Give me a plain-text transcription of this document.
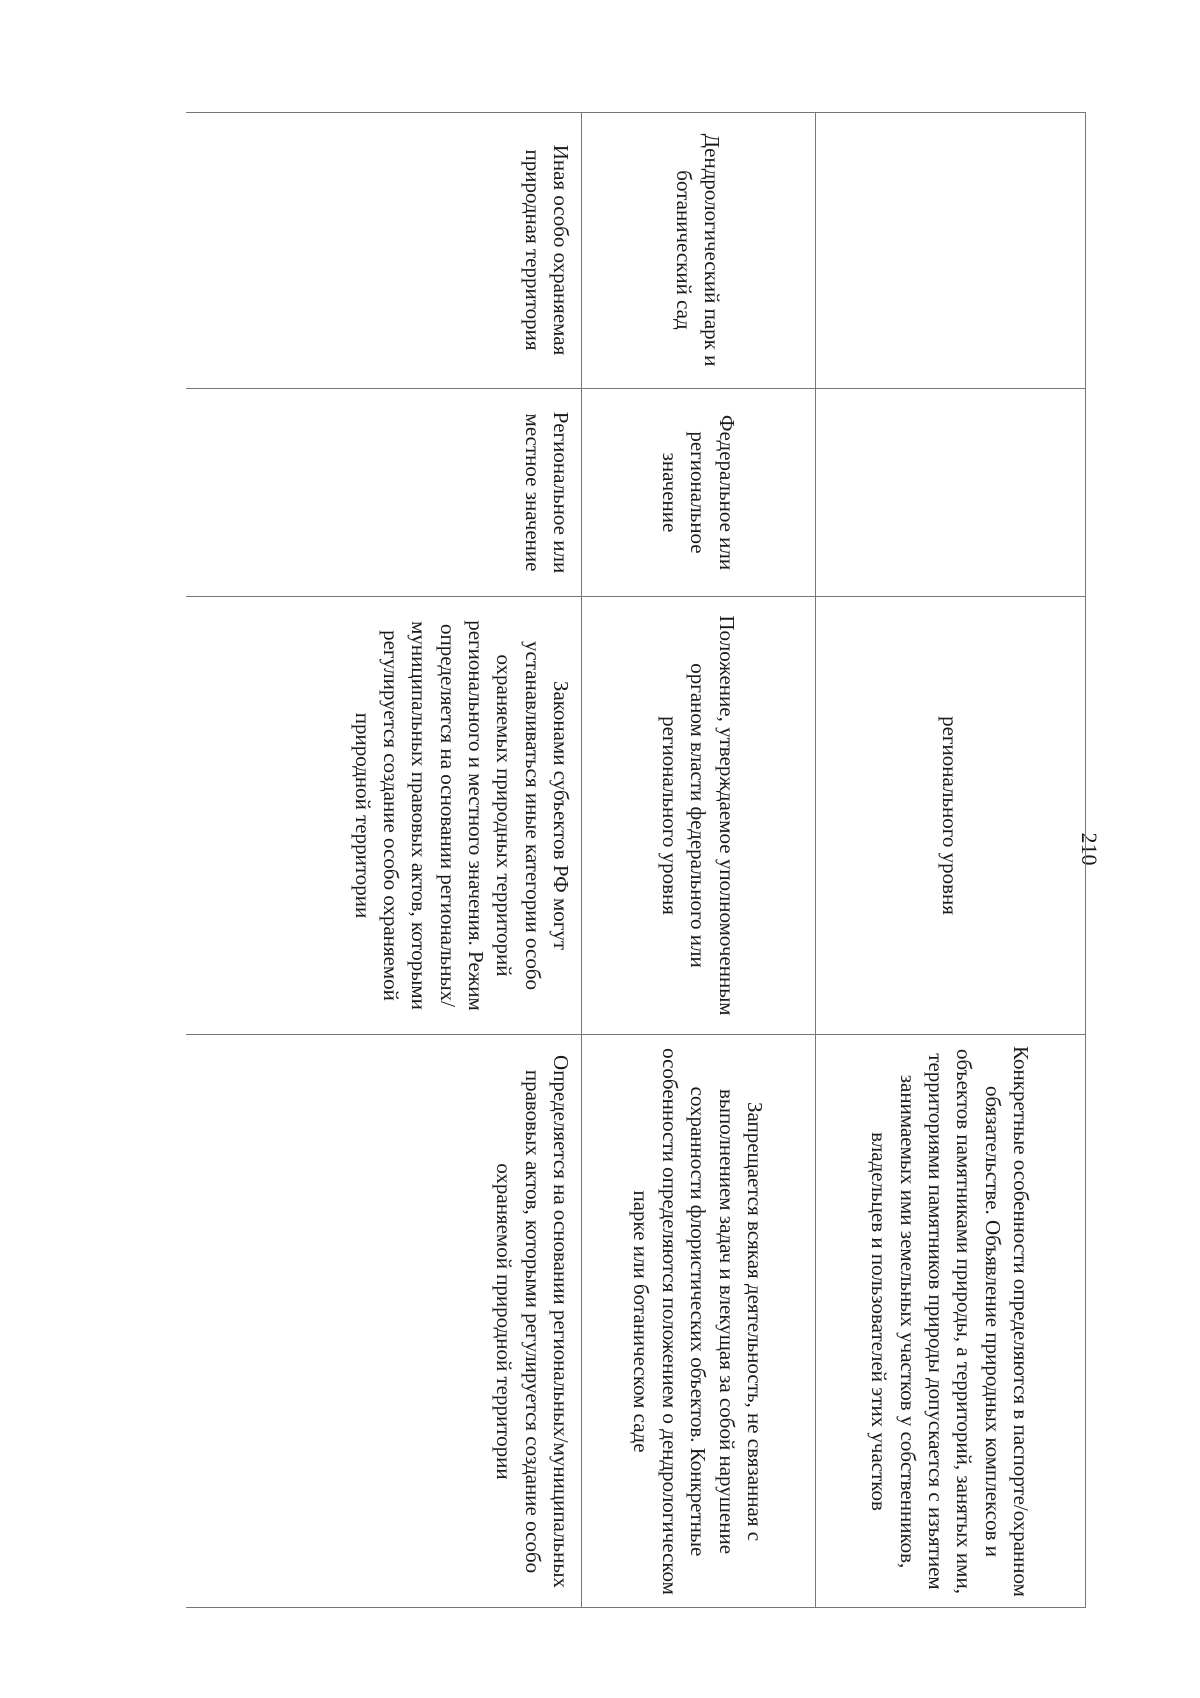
210
регионального уровня
Конкретные особенности определяются в паспорте/охранном обязательстве. Объявление природных комплексов и объектов памятниками природы, а территорий, занятых ими, территориями памятников природы допускается с изъятием занимаемых ими земельных участков у собственников, владельцев и пользователей этих участков
Дендрологический парк и ботанический сад
Федеральное или региональное значение
Положение, утверждаемое уполномоченным органом власти федерального или регионального уровня
Запрещается всякая деятельность, не связанная с выполнением задач и влекущая за собой нарушение сохранности флористических объектов. Конкретные особенности определяются положением о дендрологическом парке или ботаническом саде
Иная особо охраняемая природная территория
Региональное или местное значение
Законами субъектов РФ могут устанавливаться иные категории особо охраняемых природных территорий регионального и местного значения. Режим определяется на основании региональных/муниципальных правовых актов, которыми регулируется создание особо охраняемой природной территории
Определяется на основании региональных/муниципальных правовых актов, которыми регулируется создание особо охраняемой природной территории
